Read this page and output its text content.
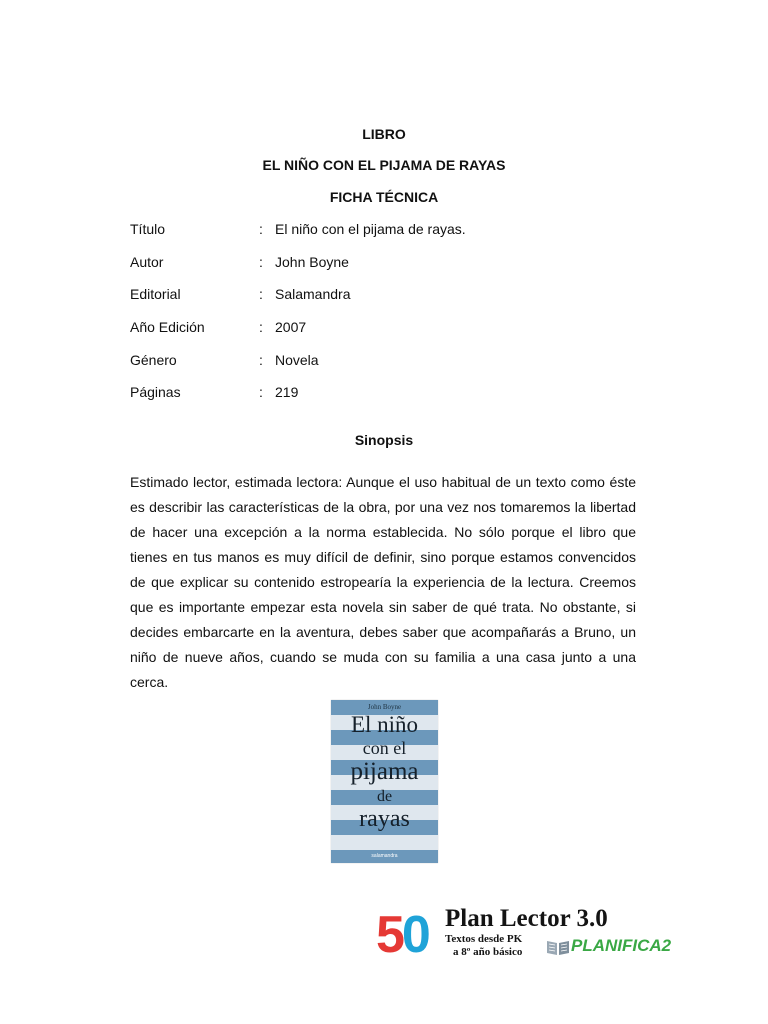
LIBRO
EL NIÑO CON EL PIJAMA DE RAYAS
FICHA TÉCNICA
Título	: El niño con el pijama de rayas.
Autor	: John Boyne
Editorial	: Salamandra
Año Edición	: 2007
Género	: Novela
Páginas	: 219
Sinopsis

Estimado lector, estimada lectora: Aunque el uso habitual de un texto como éste es describir las características de la obra, por una vez nos tomaremos la libertad de hacer una excepción a la norma establecida. No sólo porque el libro que tienes en tus manos es muy difícil de definir, sino porque estamos convencidos de que explicar su contenido estropearía la experiencia de la lectura. Creemos que es importante empezar esta novela sin saber de qué trata. No obstante, si decides embarcarte en la aventura, debes saber que acompañarás a Bruno, un niño de nueve años, cuando se muda con su familia a una casa junto a una cerca.

John Boyne
El niño
con el
pijama
de
rayas
salamandra
50 Plan Lector 3.0
Textos desde PK
a 8º año básico	PLANIFICA2
